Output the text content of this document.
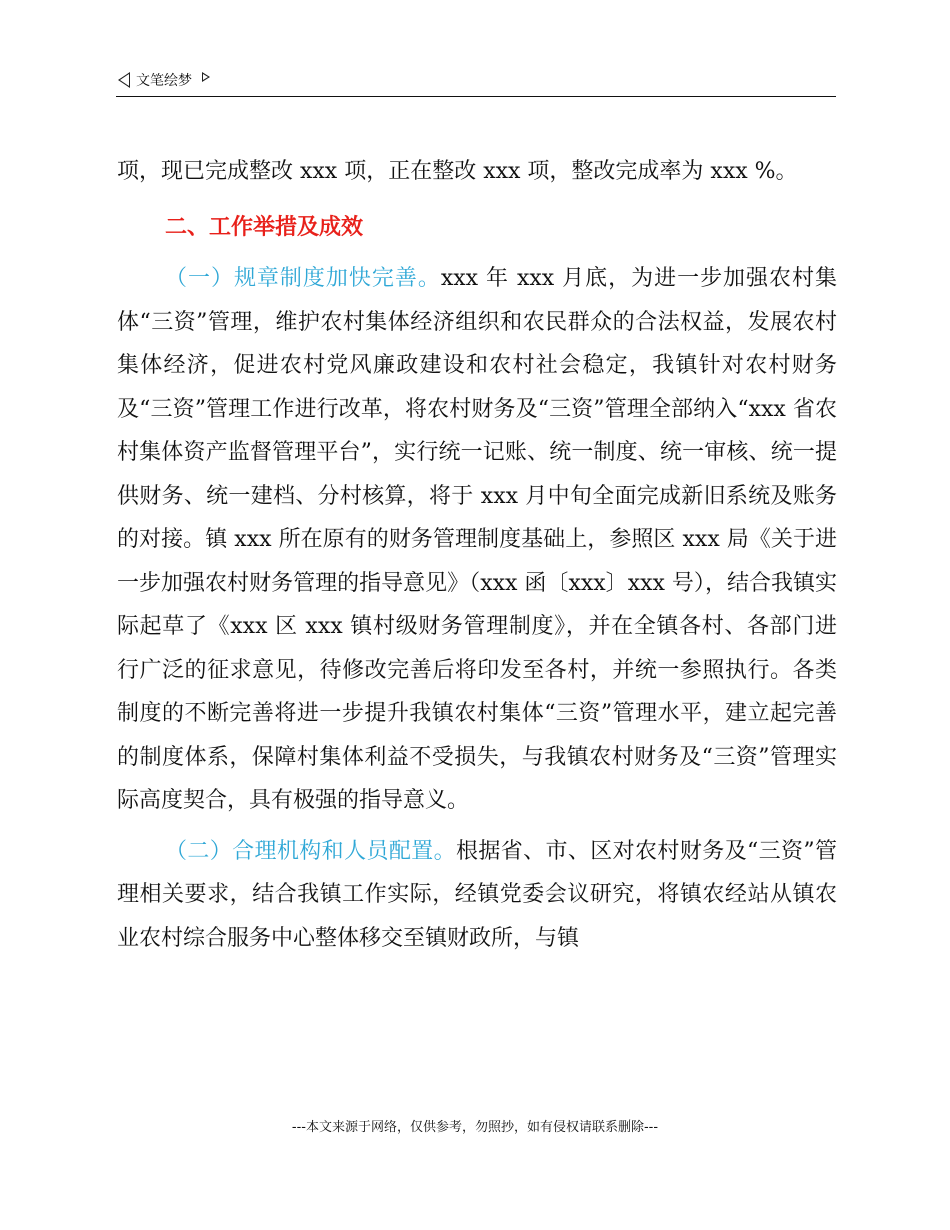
文笔绘梦

项，现已完成整改 xxx 项，正在整改 xxx 项，整改完成率为 xxx %。

二、工作举措及成效

（一）规章制度加快完善。xxx 年 xxx 月底，为进一步加强农村集体“三资”管理，维护农村集体经济组织和农民群众的合法权益，发展农村集体经济，促进农村党风廉政建设和农村社会稳定，我镇针对农村财务及“三资”管理工作进行改革，将农村财务及“三资”管理全部纳入“xxx 省农村集体资产监督管理平台”，实行统一记账、统一制度、统一审核、统一提供财务、统一建档、分村核算，将于 xxx 月中旬全面完成新旧系统及账务的对接。镇 xxx 所在原有的财务管理制度基础上，参照区 xxx 局《关于进一步加强农村财务管理的指导意见》（xxx 函〔xxx〕xxx 号），结合我镇实际起草了《xxx 区 xxx 镇村级财务管理制度》，并在全镇各村、各部门进行广泛的征求意见，待修改完善后将印发至各村，并统一参照执行。各类制度的不断完善将进一步提升我镇农村集体“三资”管理水平，建立起完善的制度体系，保障村集体利益不受损失，与我镇农村财务及“三资”管理实际高度契合，具有极强的指导意义。

（二）合理机构和人员配置。根据省、市、区对农村财务及“三资”管理相关要求，结合我镇工作实际，经镇党委会议研究，将镇农经站从镇农业农村综合服务中心整体移交至镇财政所，与镇

---本文来源于网络，仅供参考，勿照抄，如有侵权请联系删除---
